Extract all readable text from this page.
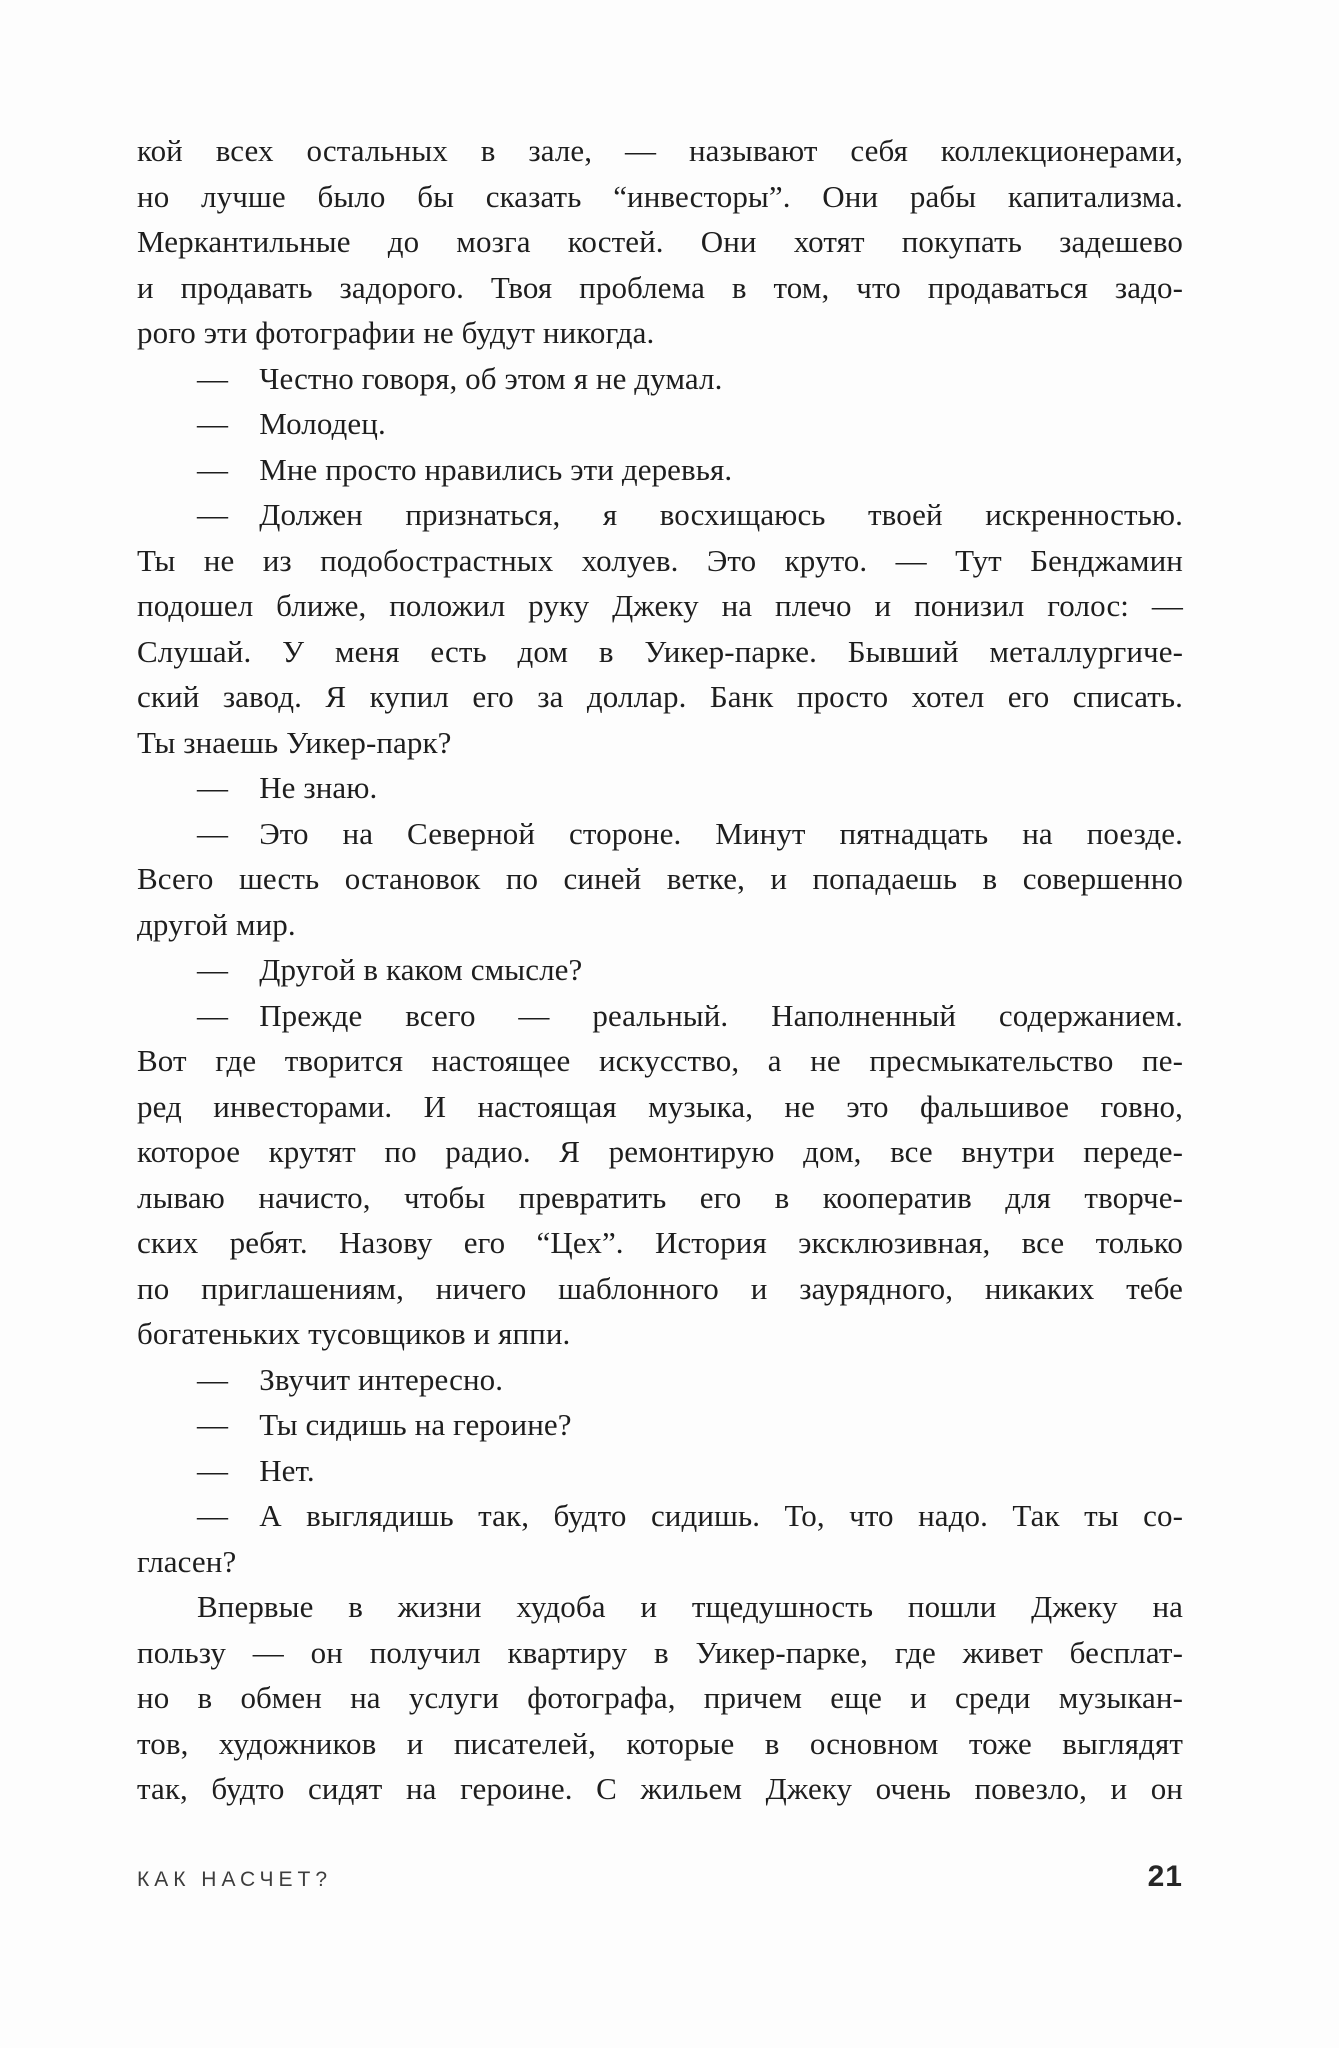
кой всех остальных в зале, — называют себя коллекционерами,
но лучше было бы сказать “инвесторы”. Они рабы капитализма.
Меркантильные до мозга костей. Они хотят покупать задешево
и продавать задорого. Твоя проблема в том, что продаваться задо-
рого эти фотографии не будут никогда.
— Честно говоря, об этом я не думал.
— Молодец.
— Мне просто нравились эти деревья.
— Должен признаться, я восхищаюсь твоей искренностью.
Ты не из подобострастных холуев. Это круто. — Тут Бенджамин
подошел ближе, положил руку Джеку на плечо и понизил голос: —
Слушай. У меня есть дом в Уикер-парке. Бывший металлургиче-
ский завод. Я купил его за доллар. Банк просто хотел его списать.
Ты знаешь Уикер-парк?
— Не знаю.
— Это на Северной стороне. Минут пятнадцать на поезде.
Всего шесть остановок по синей ветке, и попадаешь в совершенно
другой мир.
— Другой в каком смысле?
— Прежде всего — реальный. Наполненный содержанием.
Вот где творится настоящее искусство, а не пресмыкательство пе-
ред инвесторами. И настоящая музыка, не это фальшивое говно,
которое крутят по радио. Я ремонтирую дом, все внутри переде-
лываю начисто, чтобы превратить его в кооператив для творче-
ских ребят. Назову его “Цех”. История эксклюзивная, все только
по приглашениям, ничего шаблонного и заурядного, никаких тебе
богатеньких тусовщиков и яппи.
— Звучит интересно.
— Ты сидишь на героине?
— Нет.
— А выглядишь так, будто сидишь. То, что надо. Так ты со-
гласен?
Впервые в жизни худоба и тщедушность пошли Джеку на
пользу — он получил квартиру в Уикер-парке, где живет бесплат-
но в обмен на услуги фотографа, причем еще и среди музыкан-
тов, художников и писателей, которые в основном тоже выглядят
так, будто сидят на героине. С жильем Джеку очень повезло, и он
КАК НАСЧЕТ?	21
